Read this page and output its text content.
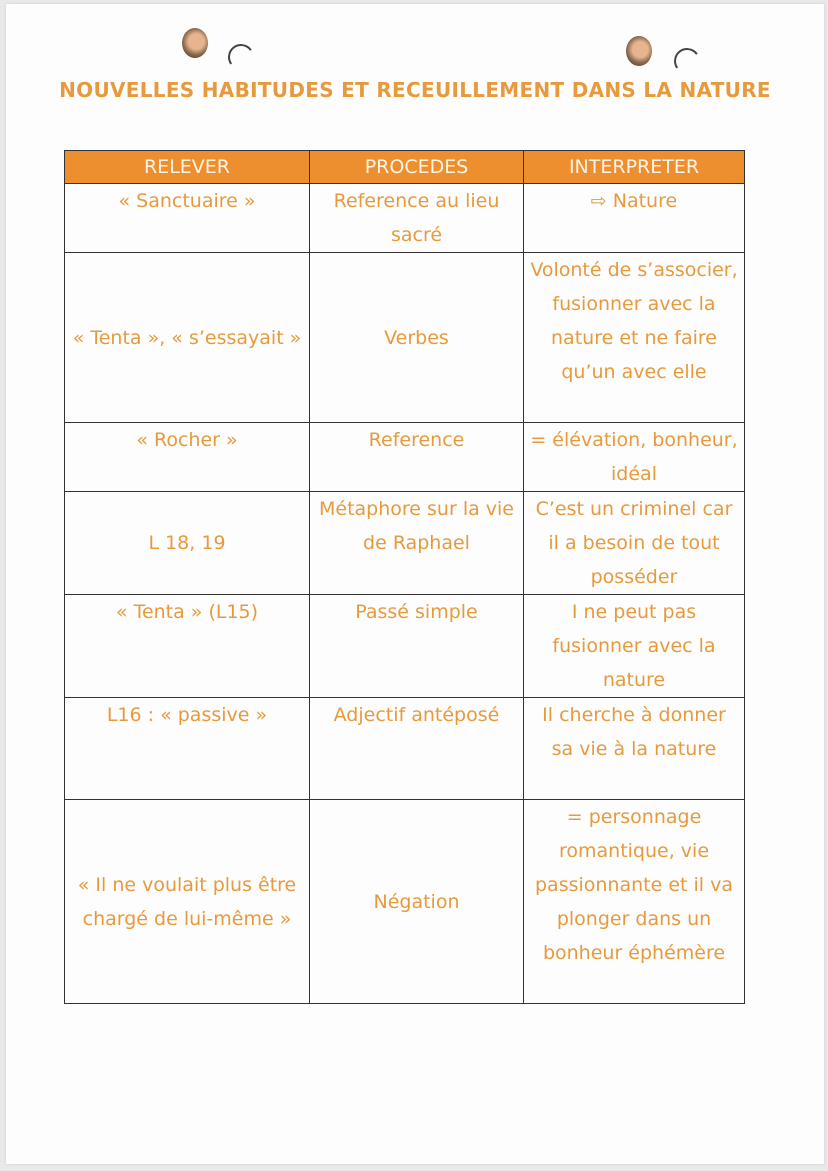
NOUVELLES HABITUDES ET RECEUILLEMENT DANS LA NATURE
RELEVER	PROCEDES	INTERPRETER
« Sanctuaire »	Reference au lieu sacré	⇨ Nature
« Tenta », « s’essayait »	Verbes	Volonté de s’associer, fusionner avec la nature et ne faire qu’un avec elle
« Rocher »	Reference	= élévation, bonheur, idéal
L 18, 19	Métaphore sur la vie de Raphael	C’est un criminel car il a besoin de tout posséder
« Tenta » (L15)	Passé simple	I ne peut pas fusionner avec la nature
L16 : « passive »	Adjectif antéposé	Il cherche à donner sa vie à la nature
« Il ne voulait plus être chargé de lui-même »	Négation	= personnage romantique, vie passionnante et il va plonger dans un bonheur éphémère
